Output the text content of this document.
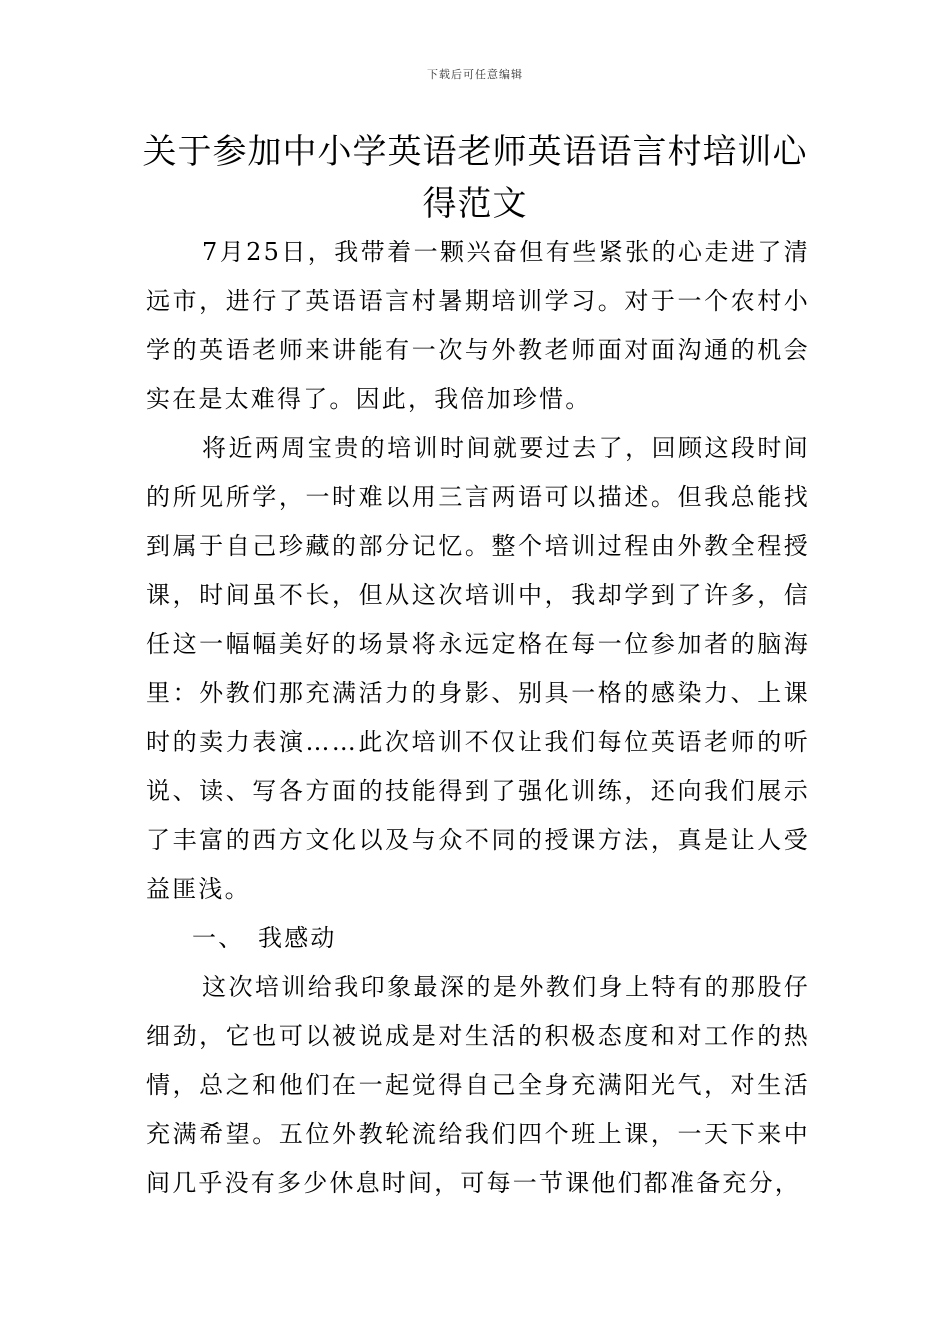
下载后可任意编辑
关于参加中小学英语老师英语语言村培训心得范文

7月25日，我带着一颗兴奋但有些紧张的心走进了清远市，进行了英语语言村暑期培训学习。对于一个农村小学的英语老师来讲能有一次与外教老师面对面沟通的机会实在是太难得了。因此，我倍加珍惜。

将近两周宝贵的培训时间就要过去了，回顾这段时间的所见所学，一时难以用三言两语可以描述。但我总能找到属于自己珍藏的部分记忆。整个培训过程由外教全程授课，时间虽不长，但从这次培训中，我却学到了许多，信任这一幅幅美好的场景将永远定格在每一位参加者的脑海里：外教们那充满活力的身影、别具一格的感染力、上课时的卖力表演……此次培训不仅让我们每位英语老师的听说、读、写各方面的技能得到了强化训练，还向我们展示了丰富的西方文化以及与众不同的授课方法，真是让人受益匪浅。

一、 我感动

这次培训给我印象最深的是外教们身上特有的那股仔细劲，它也可以被说成是对生活的积极态度和对工作的热情，总之和他们在一起觉得自己全身充满阳光气，对生活充满希望。五位外教轮流给我们四个班上课，一天下来中间几乎没有多少休息时间，可每一节课他们都准备充分，
